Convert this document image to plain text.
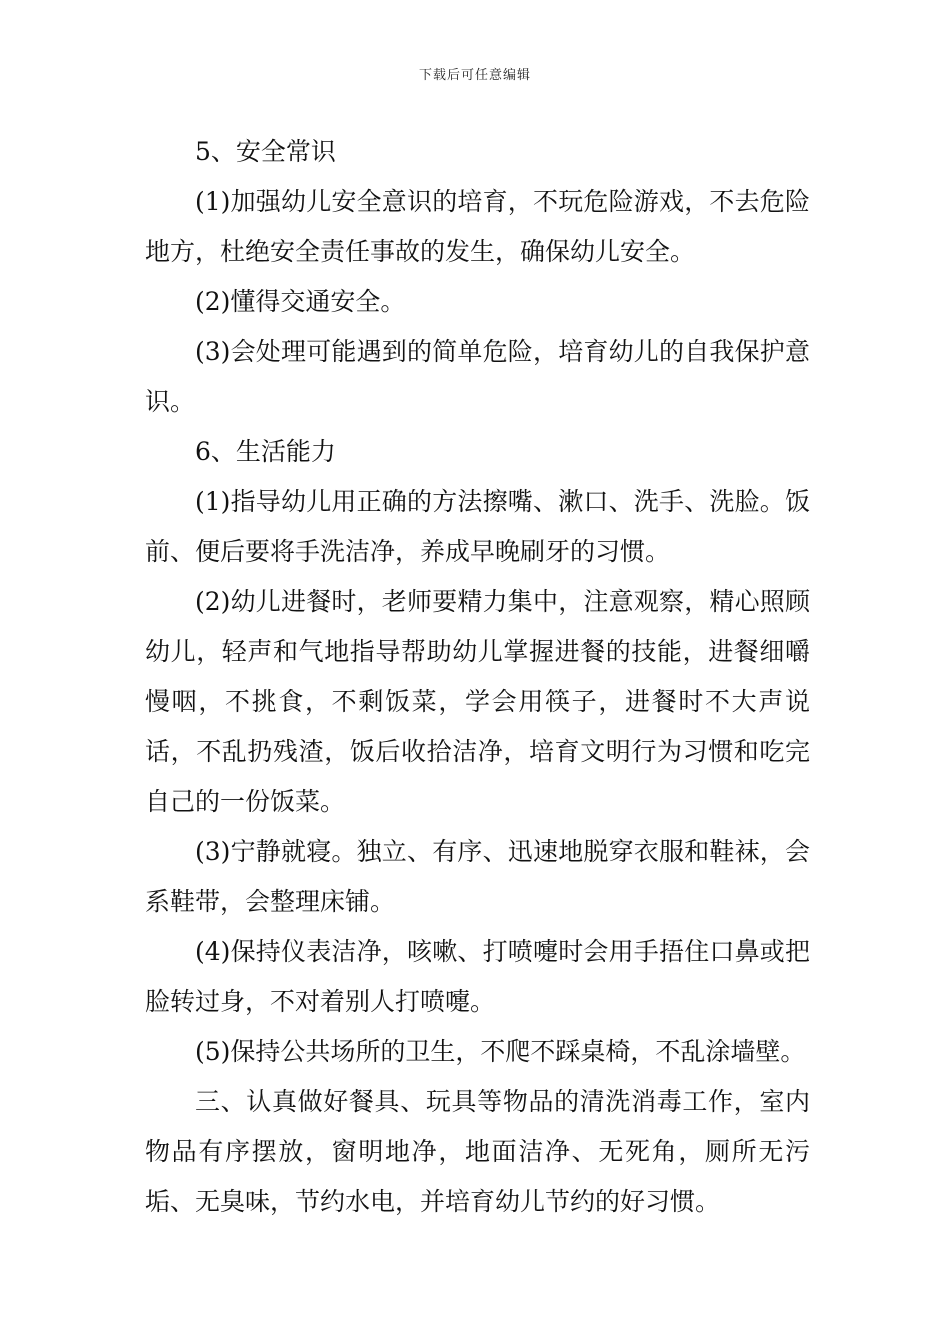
下载后可任意编辑

5、安全常识

(1)加强幼儿安全意识的培育，不玩危险游戏，不去危险地方，杜绝安全责任事故的发生，确保幼儿安全。

(2)懂得交通安全。

(3)会处理可能遇到的简单危险，培育幼儿的自我保护意识。

6、生活能力

(1)指导幼儿用正确的方法擦嘴、漱口、洗手、洗脸。饭前、便后要将手洗洁净，养成早晚刷牙的习惯。

(2)幼儿进餐时，老师要精力集中，注意观察，精心照顾幼儿，轻声和气地指导帮助幼儿掌握进餐的技能，进餐细嚼慢咽，不挑食，不剩饭菜，学会用筷子，进餐时不大声说话，不乱扔残渣，饭后收拾洁净，培育文明行为习惯和吃完自己的一份饭菜。

(3)宁静就寝。独立、有序、迅速地脱穿衣服和鞋袜，会系鞋带，会整理床铺。

(4)保持仪表洁净，咳嗽、打喷嚏时会用手捂住口鼻或把脸转过身，不对着别人打喷嚏。

(5)保持公共场所的卫生，不爬不踩桌椅，不乱涂墙壁。

三、认真做好餐具、玩具等物品的清洗消毒工作，室内物品有序摆放，窗明地净，地面洁净、无死角，厕所无污垢、无臭味，节约水电，并培育幼儿节约的好习惯。
